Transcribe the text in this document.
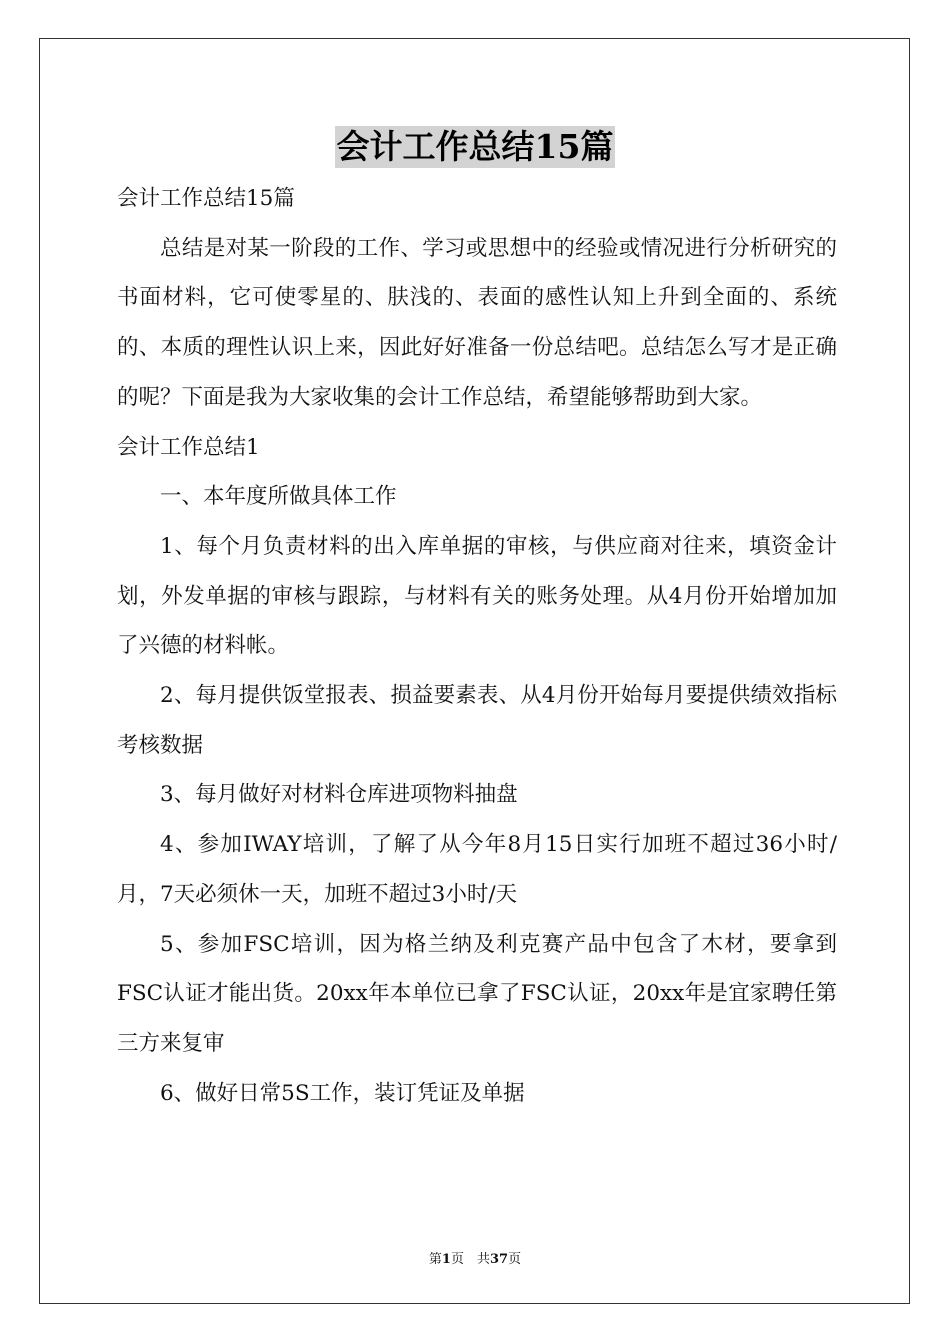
会计工作总结15篇

会计工作总结15篇

总结是对某一阶段的工作、学习或思想中的经验或情况进行分析研究的书面材料，它可使零星的、肤浅的、表面的感性认知上升到全面的、系统的、本质的理性认识上来，因此好好准备一份总结吧。总结怎么写才是正确的呢？下面是我为大家收集的会计工作总结，希望能够帮助到大家。

会计工作总结1

一、本年度所做具体工作

1、每个月负责材料的出入库单据的审核，与供应商对往来，填资金计划，外发单据的审核与跟踪，与材料有关的账务处理。从4月份开始增加加了兴德的材料帐。

2、每月提供饭堂报表、损益要素表、从4月份开始每月要提供绩效指标考核数据

3、每月做好对材料仓库进项物料抽盘

4、参加IWAY培训，了解了从今年8月15日实行加班不超过36小时/月，7天必须休一天，加班不超过3小时/天

5、参加FSC培训，因为格兰纳及利克赛产品中包含了木材，要拿到FSC认证才能出货。20xx年本单位已拿了FSC认证，20xx年是宜家聘任第三方来复审

6、做好日常5S工作，装订凭证及单据

第1页　共37页
